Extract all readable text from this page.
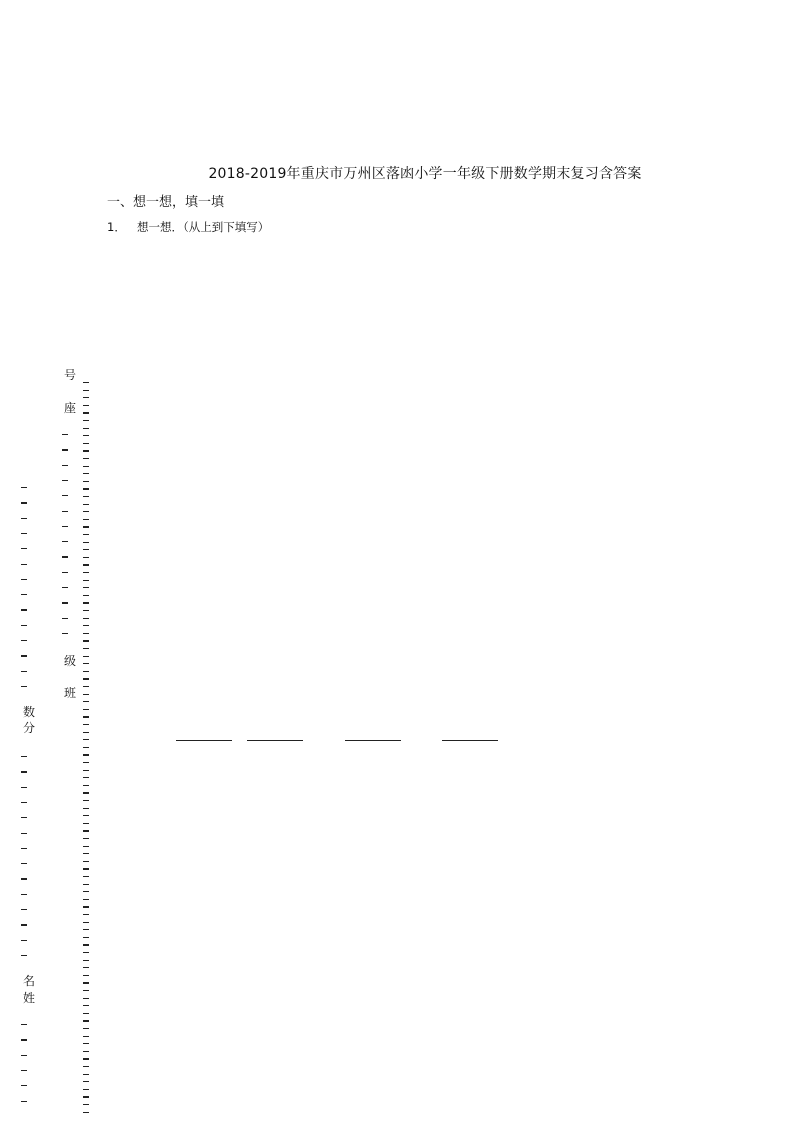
2018-2019年重庆市万州区落凼小学一年级下册数学期末复习含答案
一、想一想，填一填
1． 想一想．（从上到下填写）
号
座
级
班
数
分
名
姓
